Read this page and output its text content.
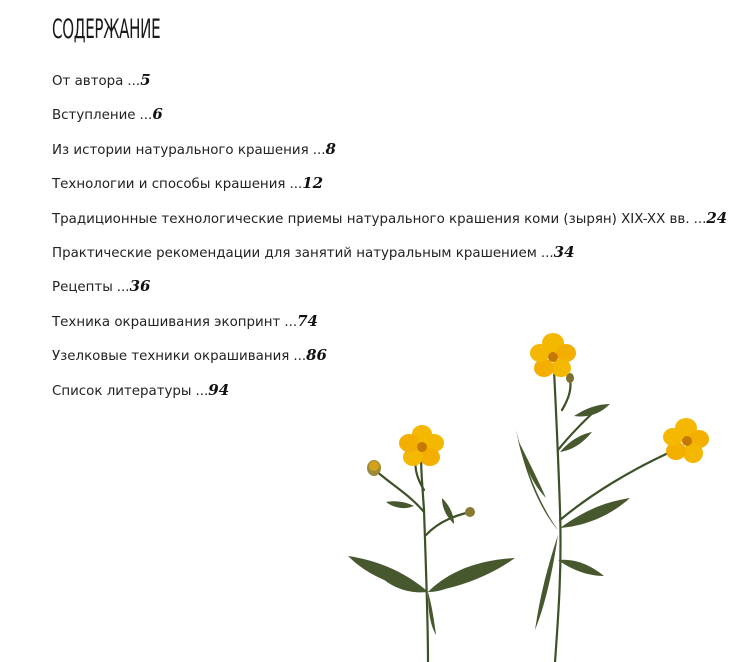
СОДЕРЖАНИЕ
От автора ...5
Вступление ...6
Из истории натурального крашения ...8
Технологии и способы крашения ...12
Традиционные технологические приемы натурального крашения коми (зырян) XIX-XX вв. ...24
Практические рекомендации для занятий натуральным крашением ...34
Рецепты ...36
Техника окрашивания экопринт ...74
Узелковые техники окрашивания ...86
Список литературы ...94
